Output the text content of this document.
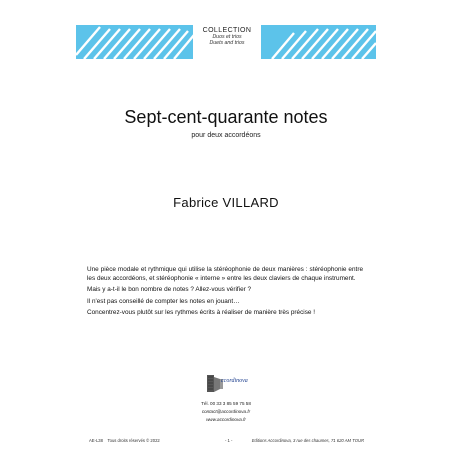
COLLECTION
Duos et trios
Duets and trios
Sept-cent-quarante notes
pour deux accordéons
Fabrice VILLARD

Une pièce modale et rythmique qui utilise la stéréophonie de deux manières : stéréophonie entre les deux accordéons, et stéréophonie « interne » entre les deux claviers de chaque instrument.

Mais y a-t-il le bon nombre de notes ? Allez-vous vérifier ?

Il n'est pas conseillé de compter les notes en jouant…

Concentrez-vous plutôt sur les rythmes écrits à réaliser de manière très précise !

ccordinova
Tél. 00 33 3 85 59 75 58
contact@accordinova.fr
www.accordinova.fr
AE-L38 Tous droits réservés © 2022	- 1 -	Editions Accordinova, 3 rue des chaumes, 71 620 AM TOUR
